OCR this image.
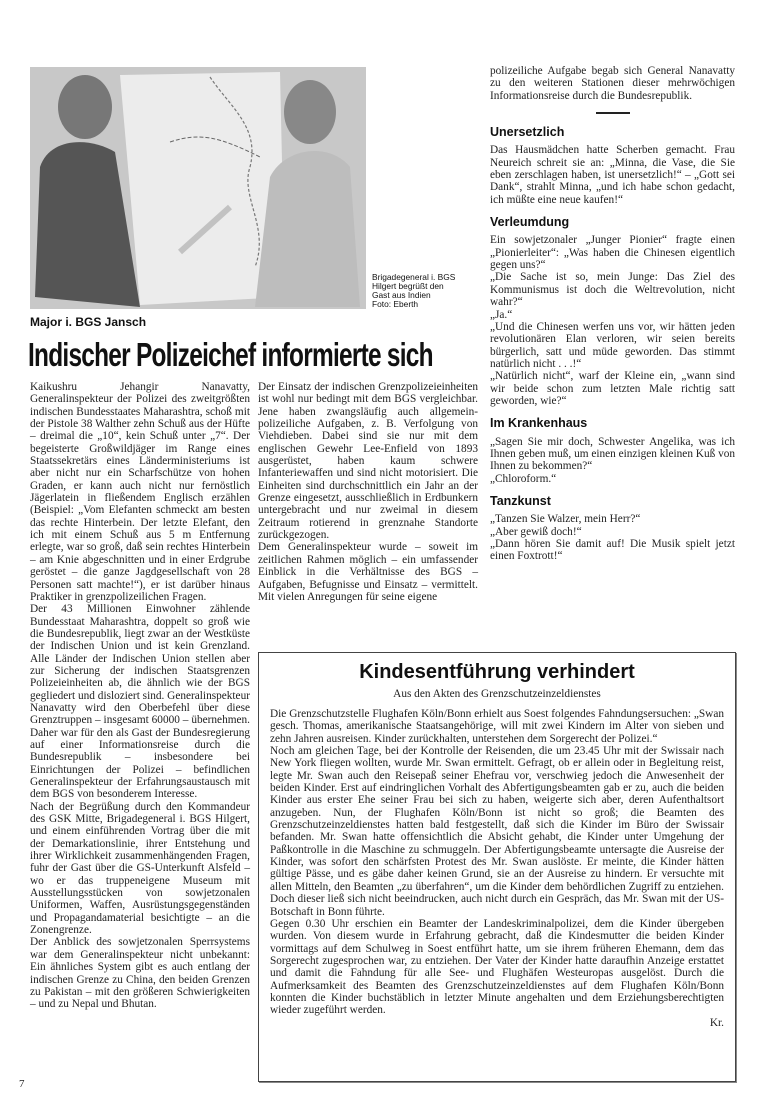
Major i. BGS Jansch
Brigadegeneral i. BGS
Hilgert begrüßt den
Gast aus Indien
Foto: Eberth
Indischer Polizeichef informierte sich

Kaikushru Jehangir Nanavatty, Generalinspekteur der Polizei des zweitgrößten indischen Bundesstaates Maharashtra, schoß mit der Pistole 38 Walther zehn Schuß aus der Hüfte – dreimal die „10“, kein Schuß unter „7“. Der begeisterte Großwildjäger im Range eines Staatssekretärs eines Länderministeriums ist aber nicht nur ein Scharfschütze von hohen Graden, er kann auch nicht nur fernöstlich Jägerlatein in fließendem Englisch erzählen (Beispiel: „Vom Elefanten schmeckt am besten das rechte Hinterbein. Der letzte Elefant, den ich mit einem Schuß aus 5 m Entfernung erlegte, war so groß, daß sein rechtes Hinterbein – am Knie abgeschnitten und in einer Erdgrube geröstet – die ganze Jagdgesellschaft von 28 Personen satt machte!“), er ist darüber hinaus Praktiker in grenzpolizeilichen Fragen.

Der 43 Millionen Einwohner zählende Bundesstaat Maharashtra, doppelt so groß wie die Bundesrepublik, liegt zwar an der Westküste der Indischen Union und ist kein Grenzland. Alle Länder der Indischen Union stellen aber zur Sicherung der indischen Staatsgrenzen Polizeieinheiten ab, die ähnlich wie der BGS gegliedert und disloziert sind. Generalinspekteur Nanavatty wird den Oberbefehl über diese Grenztruppen – insgesamt 60000 – übernehmen. Daher war für den als Gast der Bundesregierung auf einer Informationsreise durch die Bundesrepublik – insbesondere bei Einrichtungen der Polizei – befindlichen Generalinspekteur der Erfahrungsaustausch mit dem BGS von besonderem Interesse.

Nach der Begrüßung durch den Kommandeur des GSK Mitte, Brigadegeneral i. BGS Hilgert, und einem einführenden Vortrag über die mit der Demarkationslinie, ihrer Entstehung und ihrer Wirklichkeit zusammenhängenden Fragen, fuhr der Gast über die GS-Unterkunft Alsfeld – wo er das truppeneigene Museum mit Ausstellungsstücken von sowjetzonalen Uniformen, Waffen, Ausrüstungsgegenständen und Propagandamaterial besichtigte – an die Zonengrenze.

Der Anblick des sowjetzonalen Sperrsystems war dem Generalinspekteur nicht unbekannt: Ein ähnliches System gibt es auch entlang der indischen Grenze zu China, den beiden Grenzen zu Pakistan – mit den größeren Schwierigkeiten – und zu Nepal und Bhutan.

Der Einsatz der indischen Grenzpolizeieinheiten ist wohl nur bedingt mit dem BGS vergleichbar. Jene haben zwangsläufig auch allgemein-polizeiliche Aufgaben, z. B. Verfolgung von Viehdieben. Dabei sind sie nur mit dem englischen Gewehr Lee-Enfield von 1893 ausgerüstet, haben kaum schwere Infanteriewaffen und sind nicht motorisiert. Die Einheiten sind durchschnittlich ein Jahr an der Grenze eingesetzt, ausschließlich in Erdbunkern untergebracht und nur zweimal in diesem Zeitraum rotierend in grenznahe Standorte zurückgezogen.

Dem Generalinspekteur wurde – soweit im zeitlichen Rahmen möglich – ein umfassender Einblick in die Verhältnisse des BGS – Aufgaben, Befugnisse und Einsatz – vermittelt. Mit vielen Anregungen für seine eigene

polizeiliche Aufgabe begab sich General Nanavatty zu den weiteren Stationen dieser mehrwöchigen Informationsreise durch die Bundesrepublik.

Unersetzlich

Das Hausmädchen hatte Scherben gemacht. Frau Neureich schreit sie an: „Minna, die Vase, die Sie eben zerschlagen haben, ist unersetzlich!“ – „Gott sei Dank“, strahlt Minna, „und ich habe schon gedacht, ich müßte eine neue kaufen!“

Verleumdung

Ein sowjetzonaler „Junger Pionier“ fragte einen „Pionierleiter“: „Was haben die Chinesen eigentlich gegen uns?“

„Die Sache ist so, mein Junge: Das Ziel des Kommunismus ist doch die Weltrevolution, nicht wahr?“

„Ja.“

„Und die Chinesen werfen uns vor, wir hätten jeden revolutionären Elan verloren, wir seien bereits bürgerlich, satt und müde geworden. Das stimmt natürlich nicht . . .!“

„Natürlich nicht“, warf der Kleine ein, „wann sind wir beide schon zum letzten Male richtig satt geworden, wie?“

Im Krankenhaus

„Sagen Sie mir doch, Schwester Angelika, was ich Ihnen geben muß, um einen einzigen kleinen Kuß von Ihnen zu bekommen?“

„Chloroform.“

Tanzkunst

„Tanzen Sie Walzer, mein Herr?“

„Aber gewiß doch!“

„Dann hören Sie damit auf! Die Musik spielt jetzt einen Foxtrott!“

Kindesentführung verhindert
Aus den Akten des Grenzschutzeinzeldienstes

Die Grenzschutzstelle Flughafen Köln/Bonn erhielt aus Soest folgendes Fahndungsersuchen: „Swan gesch. Thomas, amerikanische Staatsangehörige, will mit zwei Kindern im Alter von sieben und zehn Jahren ausreisen. Kinder zurückhalten, unterstehen dem Sorgerecht der Polizei.“

Noch am gleichen Tage, bei der Kontrolle der Reisenden, die um 23.45 Uhr mit der Swissair nach New York fliegen wollten, wurde Mr. Swan ermittelt. Gefragt, ob er allein oder in Begleitung reist, legte Mr. Swan auch den Reisepaß seiner Ehefrau vor, verschwieg jedoch die Anwesenheit der beiden Kinder. Erst auf eindringlichen Vorhalt des Abfertigungsbeamten gab er zu, auch die beiden Kinder aus erster Ehe seiner Frau bei sich zu haben, weigerte sich aber, deren Aufenthaltsort anzugeben. Nun, der Flughafen Köln/Bonn ist nicht so groß; die Beamten des Grenzschutzeinzeldienstes hatten bald festgestellt, daß sich die Kinder im Büro der Swissair befanden. Mr. Swan hatte offensichtlich die Absicht gehabt, die Kinder unter Umgehung der Paßkontrolle in die Maschine zu schmuggeln. Der Abfertigungsbeamte untersagte die Ausreise der Kinder, was sofort den schärfsten Protest des Mr. Swan auslöste. Er meinte, die Kinder hätten gültige Pässe, und es gäbe daher keinen Grund, sie an der Ausreise zu hindern. Er versuchte mit allen Mitteln, den Beamten „zu überfahren“, um die Kinder dem behördlichen Zugriff zu entziehen. Doch dieser ließ sich nicht beeindrucken, auch nicht durch ein Gespräch, das Mr. Swan mit der US-Botschaft in Bonn führte.

Gegen 0.30 Uhr erschien ein Beamter der Landeskriminalpolizei, dem die Kinder übergeben wurden. Von diesem wurde in Erfahrung gebracht, daß die Kindesmutter die beiden Kinder vormittags auf dem Schulweg in Soest entführt hatte, um sie ihrem früheren Ehemann, dem das Sorgerecht zugesprochen war, zu entziehen. Der Vater der Kinder hatte daraufhin Anzeige erstattet und damit die Fahndung für alle See- und Flughäfen Westeuropas ausgelöst. Durch die Aufmerksamkeit des Beamten des Grenzschutzeinzeldienstes auf dem Flughafen Köln/Bonn konnten die Kinder buchstäblich in letzter Minute angehalten und dem Erziehungsberechtigten wieder zugeführt werden.

Kr.
7
